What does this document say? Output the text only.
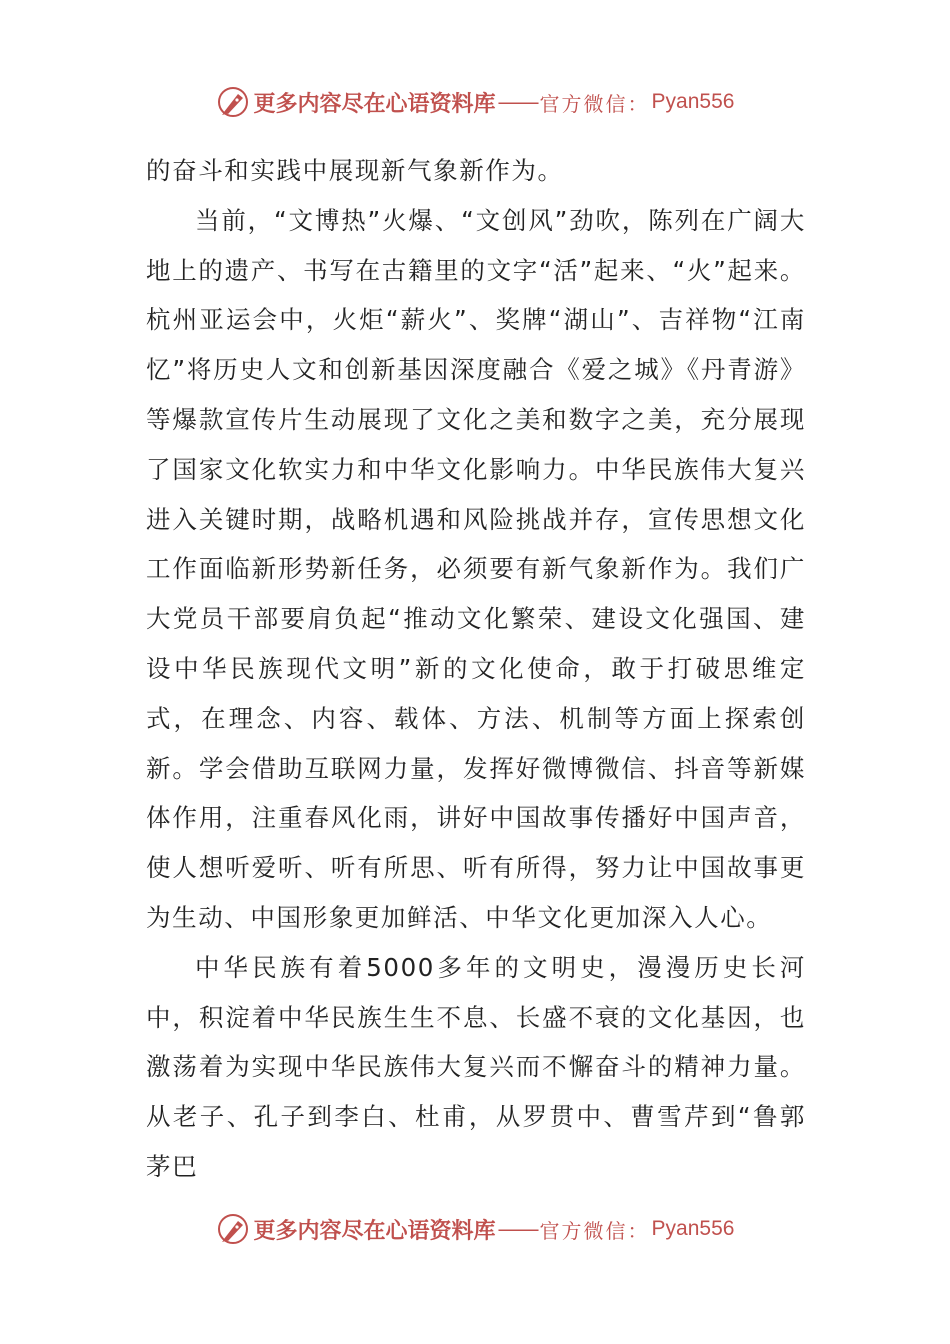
更多内容尽在心语资料库 —— 官方微信： Pyan556

的奋斗和实践中展现新气象新作为。

当前，“文博热”火爆、“文创风”劲吹，陈列在广阔大地上的遗产、书写在古籍里的文字“活”起来、“火”起来。杭州亚运会中，火炬“薪火”、奖牌“湖山”、吉祥物“江南忆”将历史人文和创新基因深度融合《爱之城》《丹青游》等爆款宣传片生动展现了文化之美和数字之美，充分展现了国家文化软实力和中华文化影响力。中华民族伟大复兴进入关键时期，战略机遇和风险挑战并存，宣传思想文化工作面临新形势新任务，必须要有新气象新作为。我们广大党员干部要肩负起“推动文化繁荣、建设文化强国、建设中华民族现代文明”新的文化使命，敢于打破思维定式，在理念、内容、载体、方法、机制等方面上探索创新。学会借助互联网力量，发挥好微博微信、抖音等新媒体作用，注重春风化雨，讲好中国故事传播好中国声音，使人想听爱听、听有所思、听有所得，努力让中国故事更为生动、中国形象更加鲜活、中华文化更加深入人心。

中华民族有着5000多年的文明史，漫漫历史长河中，积淀着中华民族生生不息、长盛不衰的文化基因，也激荡着为实现中华民族伟大复兴而不懈奋斗的精神力量。从老子、孔子到李白、杜甫，从罗贯中、曹雪芹到“鲁郭茅巴

更多内容尽在心语资料库 —— 官方微信： Pyan556
